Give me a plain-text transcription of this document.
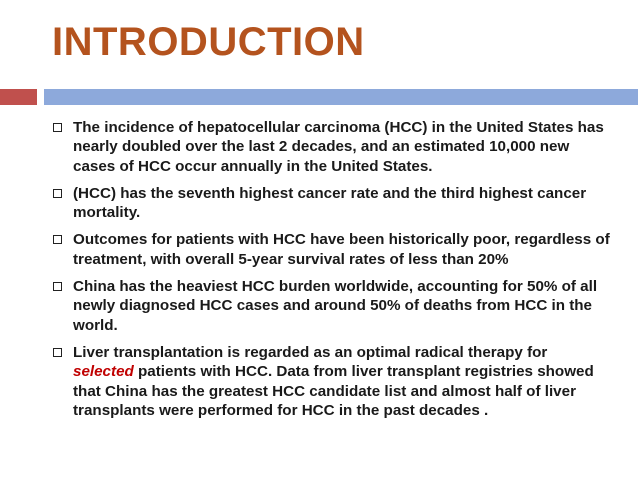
INTRODUCTION
The incidence of hepatocellular carcinoma (HCC) in the United States has nearly doubled over the last 2 decades, and an estimated 10,000 new cases of HCC occur annually in the United States.
(HCC) has the seventh highest cancer rate and the third highest cancer mortality.
Outcomes for patients with HCC have been historically poor, regardless of treatment, with overall 5-year survival rates of less than 20%
China has the heaviest HCC burden worldwide, accounting for 50% of all newly diagnosed HCC cases and around 50% of deaths from HCC in the world.
Liver transplantation is regarded as an optimal radical therapy for selected patients with HCC. Data from liver transplant registries showed that China has the greatest HCC candidate list and almost half of liver transplants were performed for HCC in the past decades .
